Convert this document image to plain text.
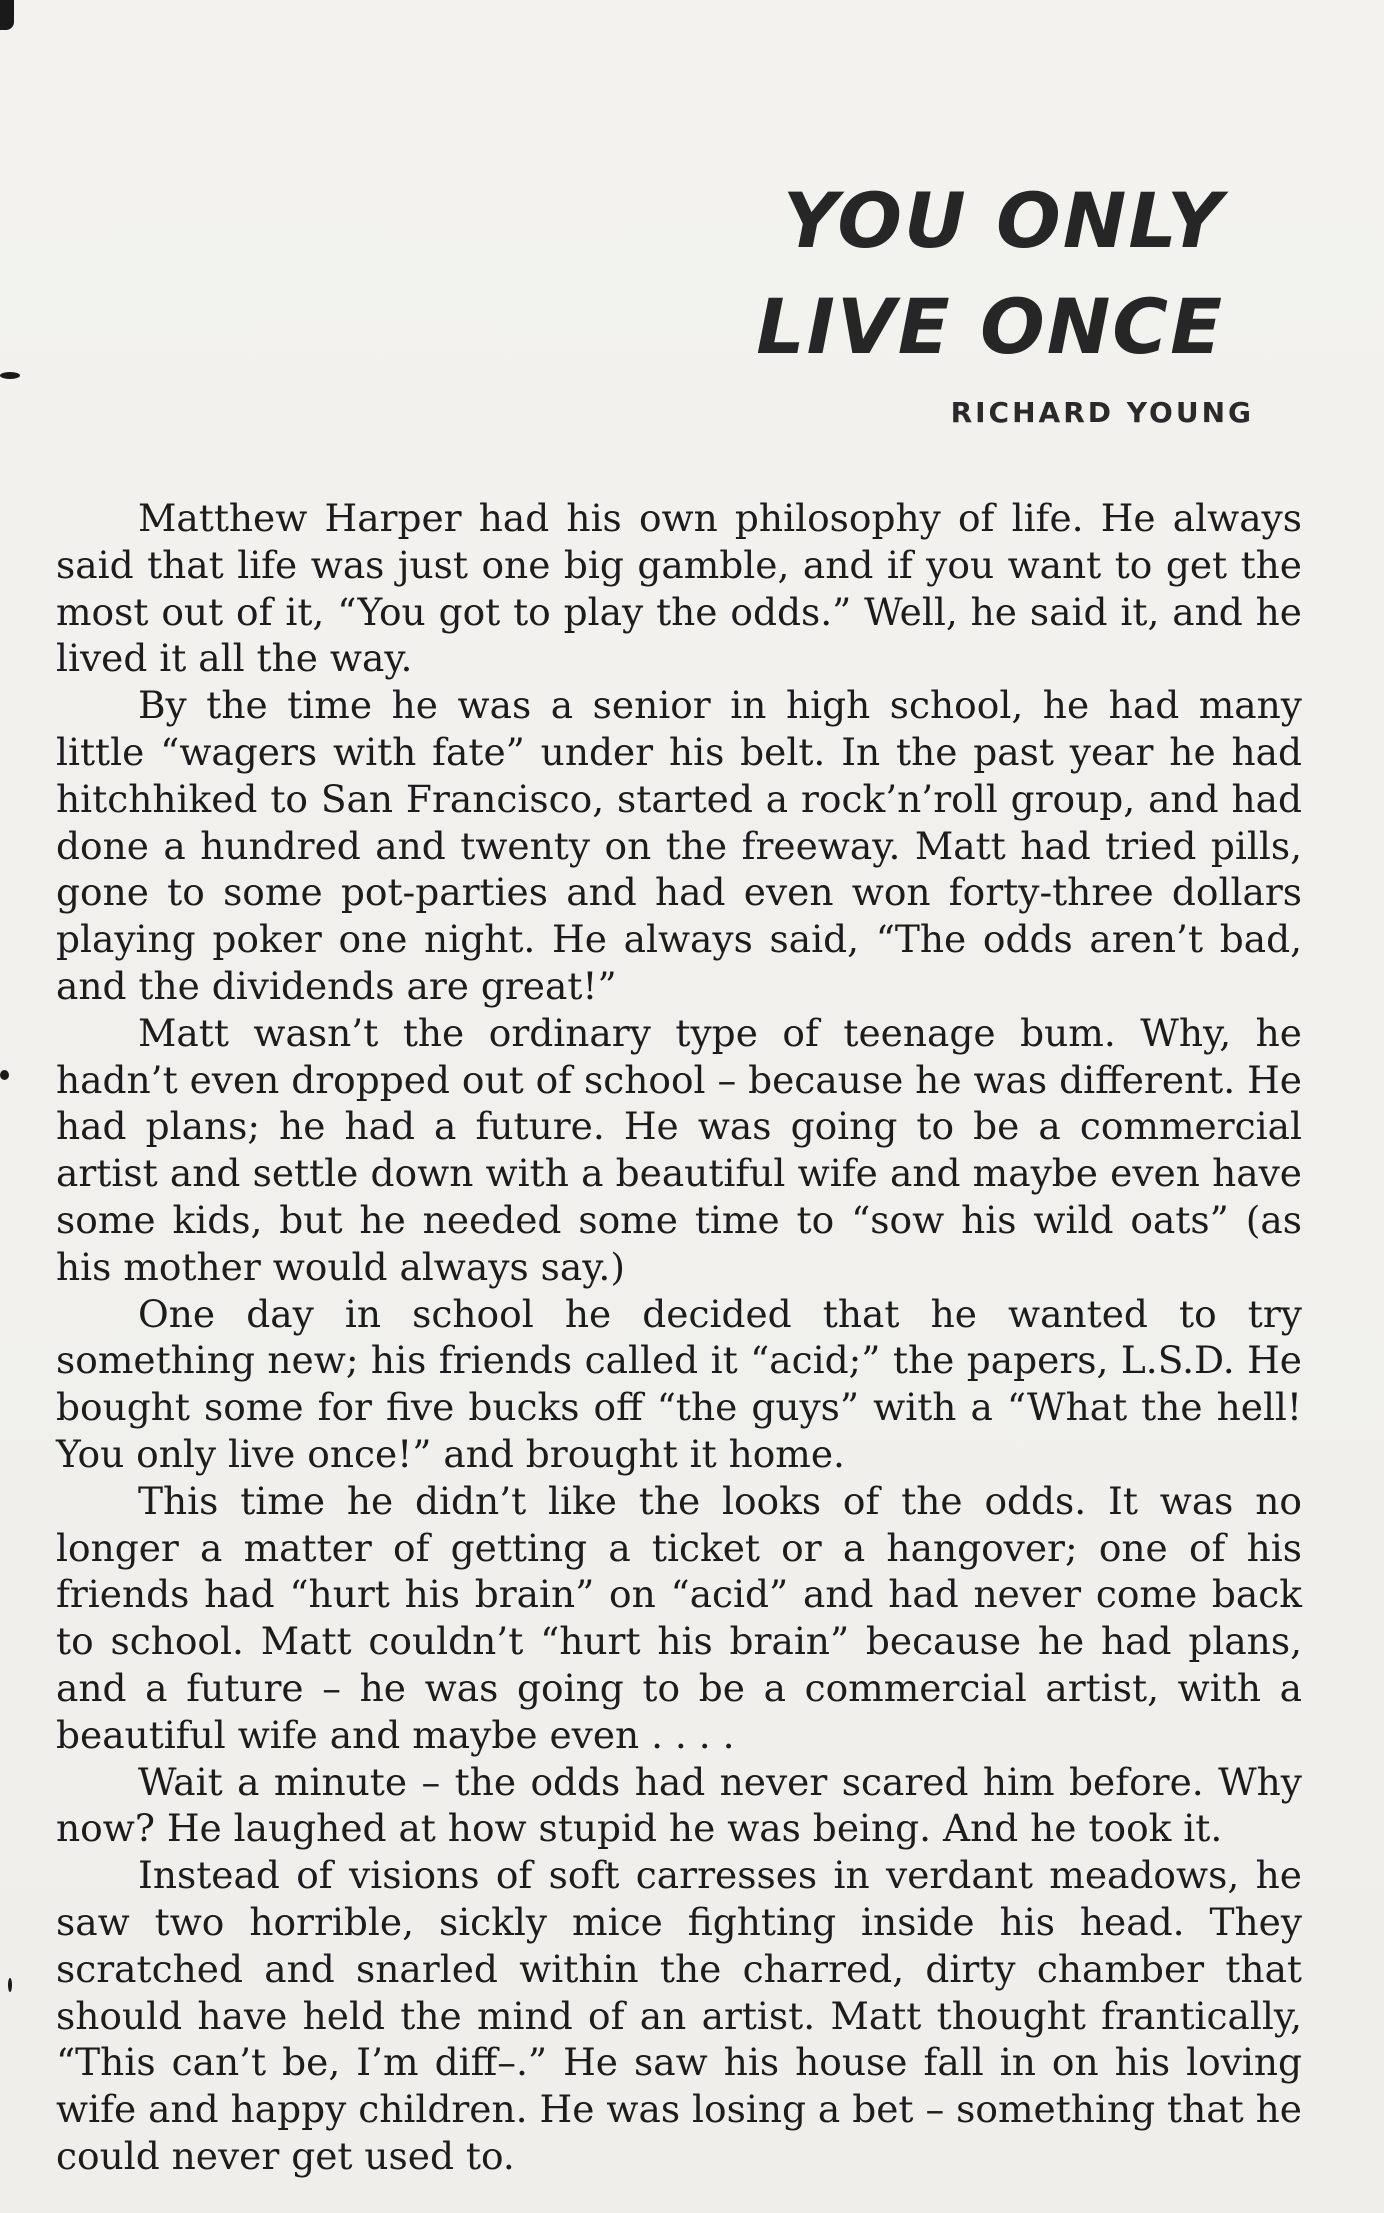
YOU ONLY
LIVE ONCE
RICHARD YOUNG

Matthew Harper had his own philosophy of life. He always said that life was just one big gamble, and if you want to get the most out of it, “You got to play the odds.” Well, he said it, and he lived it all the way.

By the time he was a senior in high school, he had many little “wagers with fate” under his belt. In the past year he had hitchhiked to San Francisco, started a rock’n’roll group, and had done a hundred and twenty on the freeway. Matt had tried pills, gone to some pot-parties and had even won forty-three dollars playing poker one night. He always said, “The odds aren’t bad, and the dividends are great!”

Matt wasn’t the ordinary type of teenage bum. Why, he hadn’t even dropped out of school – because he was different. He had plans; he had a future. He was going to be a commercial artist and settle down with a beautiful wife and maybe even have some kids, but he needed some time to “sow his wild oats” (as his mother would always say.)

One day in school he decided that he wanted to try something new; his friends called it “acid;” the papers, L.S.D. He bought some for five bucks off “the guys” with a “What the hell! You only live once!” and brought it home.

This time he didn’t like the looks of the odds. It was no longer a matter of getting a ticket or a hangover; one of his friends had “hurt his brain” on “acid” and had never come back to school. Matt couldn’t “hurt his brain” because he had plans, and a future – he was going to be a commercial artist, with a beautiful wife and maybe even . . . .

Wait a minute – the odds had never scared him before. Why now? He laughed at how stupid he was being. And he took it.

Instead of visions of soft carresses in verdant meadows, he saw two horrible, sickly mice fighting inside his head. They scratched and snarled within the charred, dirty chamber that should have held the mind of an artist. Matt thought frantically, “This can’t be, I’m diff–.” He saw his house fall in on his loving wife and happy children. He was losing a bet – something that he could never get used to.
